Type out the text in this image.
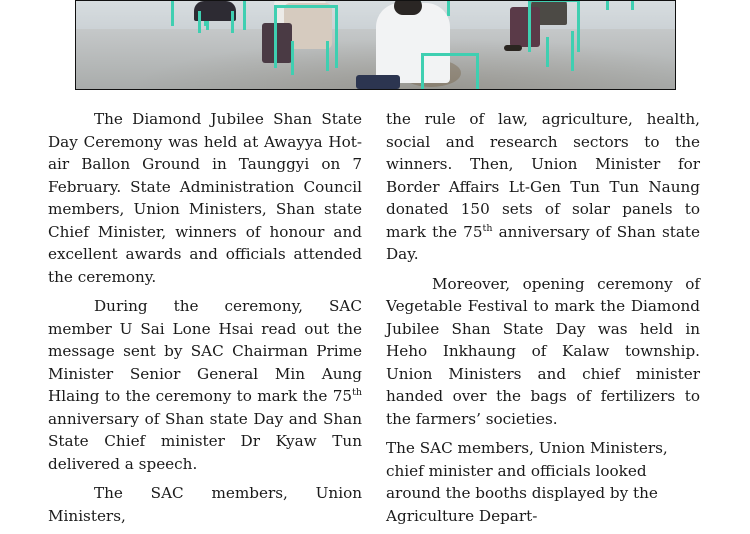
The Diamond Jubilee Shan State Day Ceremony was held at Awayya Hot-air Ballon Ground in Taunggyi on 7 February. State Administration Council members, Union Ministers, Shan state Chief Minister, winners of honour and excellent awards and officials attended the ceremony.

During the ceremony, SAC member U Sai Lone Hsai read out the message sent by SAC Chairman Prime Minister Senior General Min Aung Hlaing to the ceremony to mark the 75th anniversary of Shan state Day and Shan State Chief minister Dr Kyaw Tun delivered a speech.

The SAC members, Union Ministers,

the rule of law, agriculture, health, social and research sectors to the winners. Then, Union Minister for Border Affairs Lt-Gen Tun Tun Naung donated 150 sets of solar panels to mark the 75th anniversary of Shan state Day.

Moreover, opening ceremony of Vegetable Festival to mark the Diamond Jubilee Shan State Day was held in Heho Inkhaung of Kalaw township. Union Ministers and chief minister handed over the bags of fertilizers to the farmers’ societies.

The SAC members, Union Ministers, chief minister and officials looked around the booths displayed by the Agriculture Depart-
